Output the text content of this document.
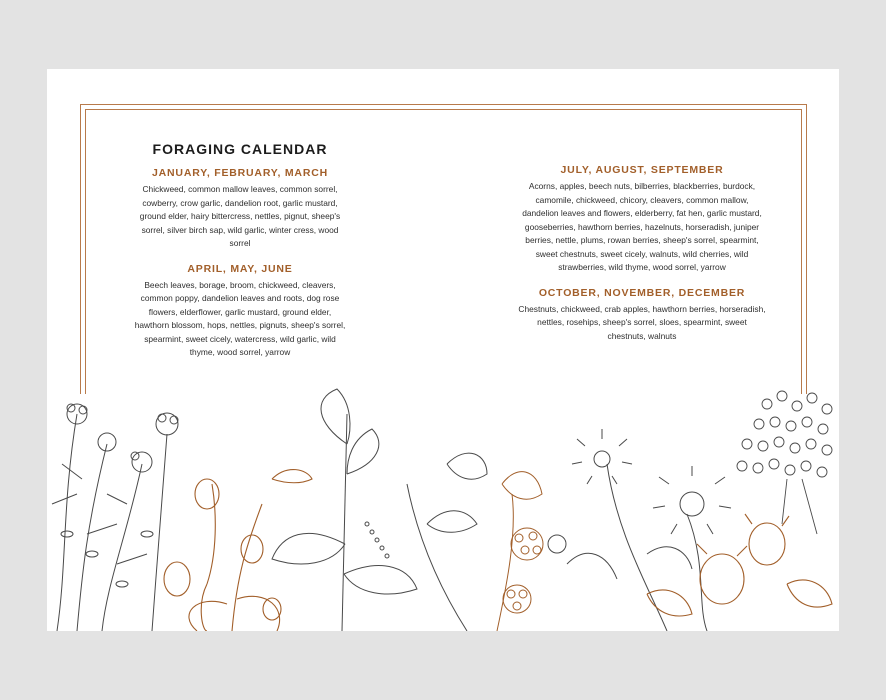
FORAGING CALENDAR
JANUARY, FEBRUARY, MARCH
Chickweed, common mallow leaves, common sorrel, cowberry, crow garlic, dandelion root, garlic mustard, ground elder, hairy bittercress, nettles, pignut, sheep's sorrel, silver birch sap, wild garlic, winter cress, wood sorrel
APRIL, MAY, JUNE
Beech leaves, borage, broom, chickweed, cleavers, common poppy, dandelion leaves and roots, dog rose flowers, elderflower, garlic mustard, ground elder, hawthorn blossom, hops, nettles, pignuts, sheep's sorrel, spearmint, sweet cicely, watercress, wild garlic, wild thyme, wood sorrel, yarrow
JULY, AUGUST, SEPTEMBER
Acorns, apples, beech nuts, bilberries, blackberries, burdock, camomile, chickweed, chicory, cleavers, common mallow, dandelion leaves and flowers, elderberry, fat hen, garlic mustard, gooseberries, hawthorn berries, hazelnuts, horseradish, juniper berries, nettle, plums, rowan berries, sheep's sorrel, spearmint, sweet chestnuts, sweet cicely, walnuts, wild cherries, wild strawberries, wild thyme, wood sorrel, yarrow
OCTOBER, NOVEMBER, DECEMBER
Chestnuts, chickweed, crab apples, hawthorn berries, horseradish, nettles, rosehips, sheep's sorrel, sloes, spearmint, sweet chestnuts, walnuts
